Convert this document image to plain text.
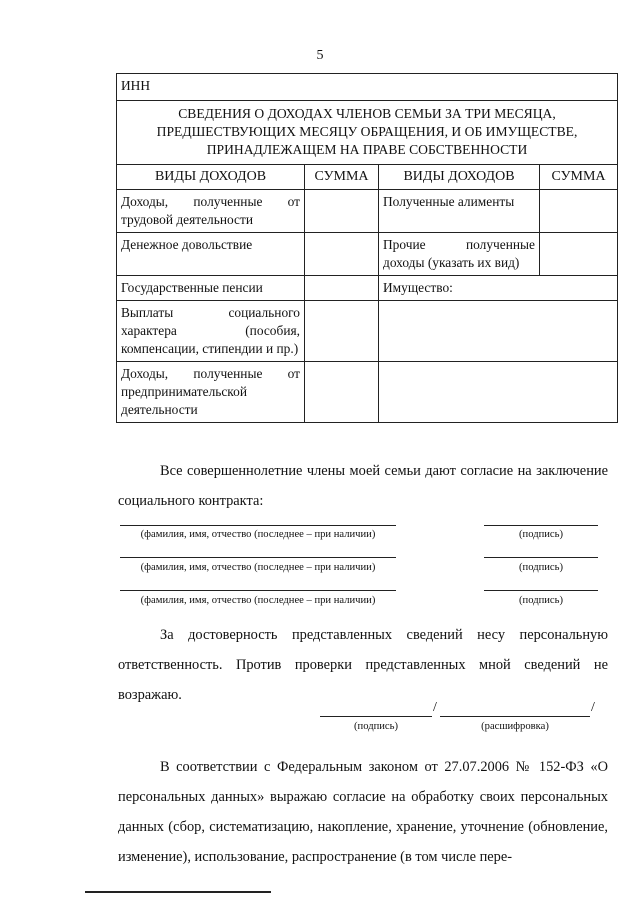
5
ИНН			
СВЕДЕНИЯ О ДОХОДАХ ЧЛЕНОВ СЕМЬИ ЗА ТРИ МЕСЯЦА, ПРЕДШЕСТВУЮЩИХ МЕСЯЦУ ОБРАЩЕНИЯ, И ОБ ИМУЩЕСТВЕ, ПРИНАДЛЕЖАЩЕМ НА ПРАВЕ СОБСТВЕННОСТИ			
ВИДЫ ДОХОДОВ	СУММА	ВИДЫ ДОХОДОВ	СУММА
Доходы, полученные от трудовой деятельности		Полученные алименты	
Денежное довольствие		Прочие полученные доходы (указать их вид)	
Государственные пенсии		Имущество:	
Выплаты социального характера (пособия, компенсации, стипендии и пр.)			
Доходы, полученные от предпринимательской деятельности			
Все совершеннолетние члены моей семьи дают согласие на заключение социального контракта:
(фамилия, имя, отчество (последнее – при наличии)	(подпись)
(фамилия, имя, отчество (последнее – при наличии)	(подпись)
(фамилия, имя, отчество (последнее – при наличии)	(подпись)
За достоверность представленных сведений несу персональную ответственность. Против проверки представленных мной сведений не возражаю.
/	/
(подпись)	(расшифровка)
В соответствии с Федеральным законом от 27.07.2006 № 152-ФЗ «О персональных данных» выражаю согласие на обработку своих персональных данных (сбор, систематизацию, накопление, хранение, уточнение (обновление, изменение), использование, распространение (в том числе пере-
